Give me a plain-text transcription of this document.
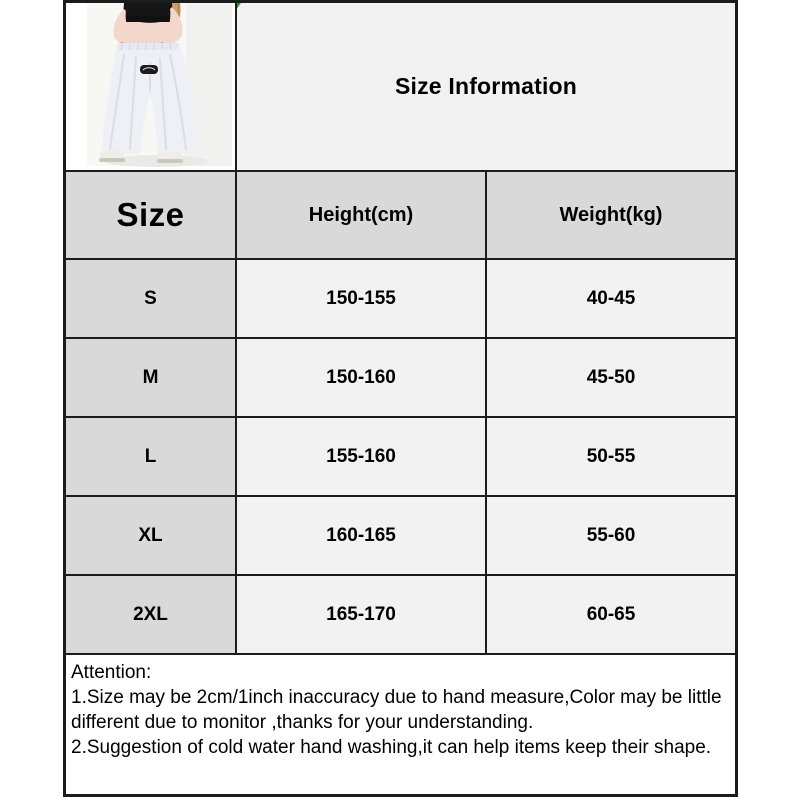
Size Information
Size	Height(cm)	Weight(kg)
S	150-155	40-45
M	150-160	45-50
L	155-160	50-55
XL	160-165	55-60
2XL	165-170	60-65
Attention:
1.Size may be 2cm/1inch inaccuracy due to hand measure,Color may be little
different due to monitor ,thanks for your understanding.
2.Suggestion of cold water hand washing,it can help items keep their shape.
